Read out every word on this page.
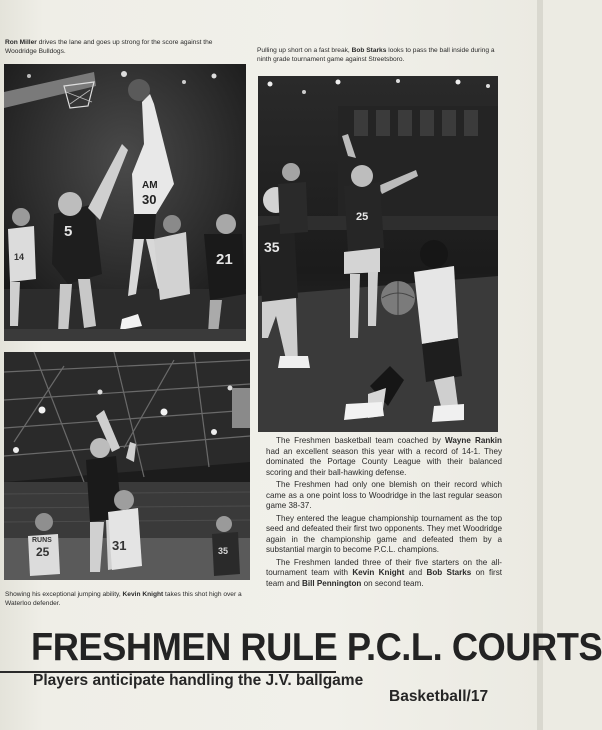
Ron Miller drives the lane and goes up strong for the score against the Woodridge Bulldogs.	Pulling up short on a fast break, Bob Starks looks to pass the ball inside during a ninth grade tournament game against Streetsboro.
AM
30
5
21
14
25
35
RUNS
25	31	35
Showing his exceptional jumping ability, Kevin Knight takes this shot high over a Waterloo defender.

The Freshmen basketball team coached by Wayne Rankin had an excellent season this year with a record of 14-1. They dominated the Portage County League with their balanced scoring and their ball-hawking defense.

The Freshmen had only one blemish on their record which came as a one point loss to Woodridge in the last regular season game 38-37.

They entered the league championship tournament as the top seed and defeated their first two opponents. They met Woodridge again in the championship game and defeated them by a substantial margin to become P.C.L. champions.

The Freshmen landed three of their five starters on the all-tournament team with Kevin Knight and Bob Starks on first team and Bill Pennington on second team.

FRESHMEN RULE P.C.L. COURTS
Players anticipate handling the J.V. ballgame
Basketball/17
